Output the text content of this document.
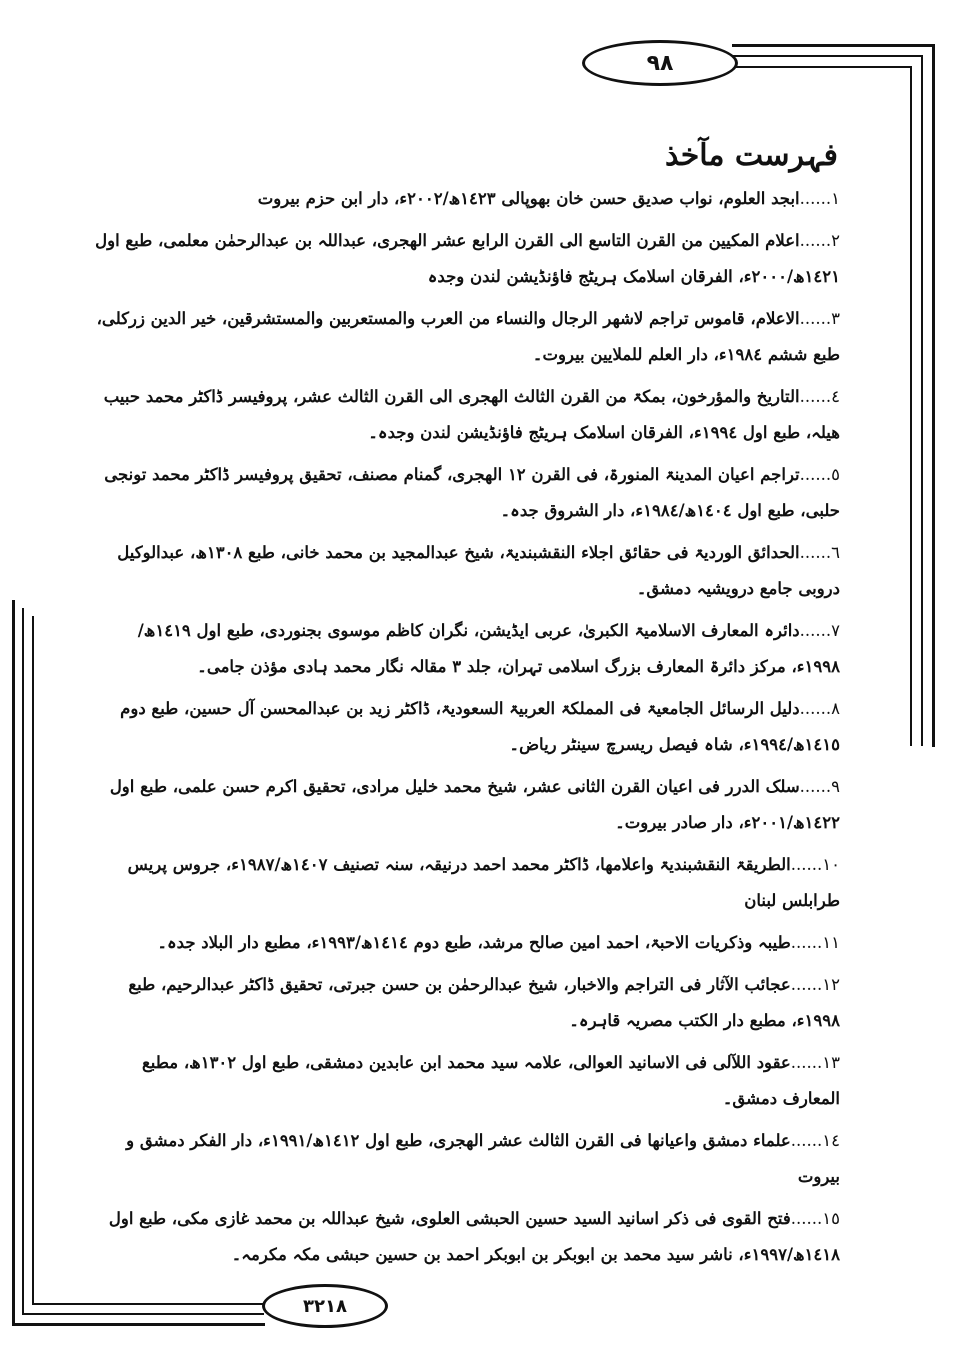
٩٨
٣٢١٨
فہرست مآخذ
١......ابجد العلوم، نواب صدیق حسن خان بھوپالی ١٤٢٣ھ/٢٠٠٢ء، دار ابن حزم بیروت
٢......اعلام المکیین من القرن التاسع الی القرن الرابع عشر الھجری، عبداللہ بن عبدالرحمٰن معلمی، طبع اول ١٤٢١ھ/٢٠٠٠ء، الفرقان اسلامک ہریٹج فاؤنڈیشن لندن وجدہ
٣......الاعلام، قاموس تراجم لاشھر الرجال والنساء من العرب والمستعربین والمستشرقین، خیر الدین زرکلی، طبع ششم ١٩٨٤ء، دار العلم للملایین بیروت۔
٤......التاریخ والمؤرخون، بمکۃ من القرن الثالث الھجری الی القرن الثالث عشر، پروفیسر ڈاکٹر محمد حبیب ھیلہ، طبع اول ١٩٩٤ء، الفرقان اسلامک ہریٹج فاؤنڈیشن لندن وجدہ۔
٥......تراجم اعیان المدینۃ المنورۃ، فی القرن ١٢ الھجری، گمنام مصنف، تحقیق پروفیسر ڈاکٹر محمد تونجی حلبی، طبع اول ١٤٠٤ھ/١٩٨٤ء، دار الشروق جدہ۔
٦......الحدائق الوردیۃ فی حقائق اجلاء النقشبندیۃ، شیخ عبدالمجید بن محمد خانی، طبع ١٣٠٨ھ، عبدالوکیل دروبی جامع درویشیہ دمشق۔
٧......دائرہ المعارف الاسلامیۃ الکبریٰ، عربی ایڈیشن، نگران کاظم موسوی بجنوردی، طبع اول ١٤١٩ھ/١٩٩٨ء، مرکز دائرۃ المعارف بزرگ اسلامی تہران، جلد ٣ مقالہ نگار محمد ہادی مؤذن جامی۔
٨......دلیل الرسائل الجامعیۃ فی المملکۃ العربیۃ السعودیۃ، ڈاکٹر زید بن عبدالمحسن آل حسین، طبع دوم ١٤١٥ھ/١٩٩٤ء، شاہ فیصل ریسرچ سینٹر ریاض۔
٩......سلک الدرر فی اعیان القرن الثانی عشر، شیخ محمد خلیل مرادی، تحقیق اکرم حسن علمی، طبع اول ١٤٢٢ھ/٢٠٠١ء، دار صادر بیروت۔
١٠......الطریقۃ النقشبندیۃ واعلامھا، ڈاکٹر محمد احمد درنیقہ، سنہ تصنیف ١٤٠٧ھ/١٩٨٧ء، جروس پریس طرابلس لبنان
١١......طیبہ وذکریات الاحبۃ، احمد امین صالح مرشد، طبع دوم ١٤١٤ھ/١٩٩٣ء، مطبع دار البلاد جدہ۔
١٢......عجائب الآثار فی التراجم والاخبار، شیخ عبدالرحمٰن بن حسن جبرتی، تحقیق ڈاکٹر عبدالرحیم، طبع ١٩٩٨ء، مطبع دار الکتب مصریہ قاہرہ۔
١٣......عقود اللآلی فی الاسانید العوالی، علامہ سید محمد ابن عابدین دمشقی، طبع اول ١٣٠٢ھ، مطبع المعارف دمشق۔
١٤......علماء دمشق واعیانھا فی القرن الثالث عشر الھجری، طبع اول ١٤١٢ھ/١٩٩١ء، دار الفکر دمشق و بیروت
١٥......فتح القوی فی ذکر اسانید السید حسین الحبشی العلوی، شیخ عبداللہ بن محمد غازی مکی، طبع اول ١٤١٨ھ/١٩٩٧ء، ناشر سید محمد بن ابوبکر بن ابوبکر احمد بن حسین حبشی مکہ مکرمہ۔
